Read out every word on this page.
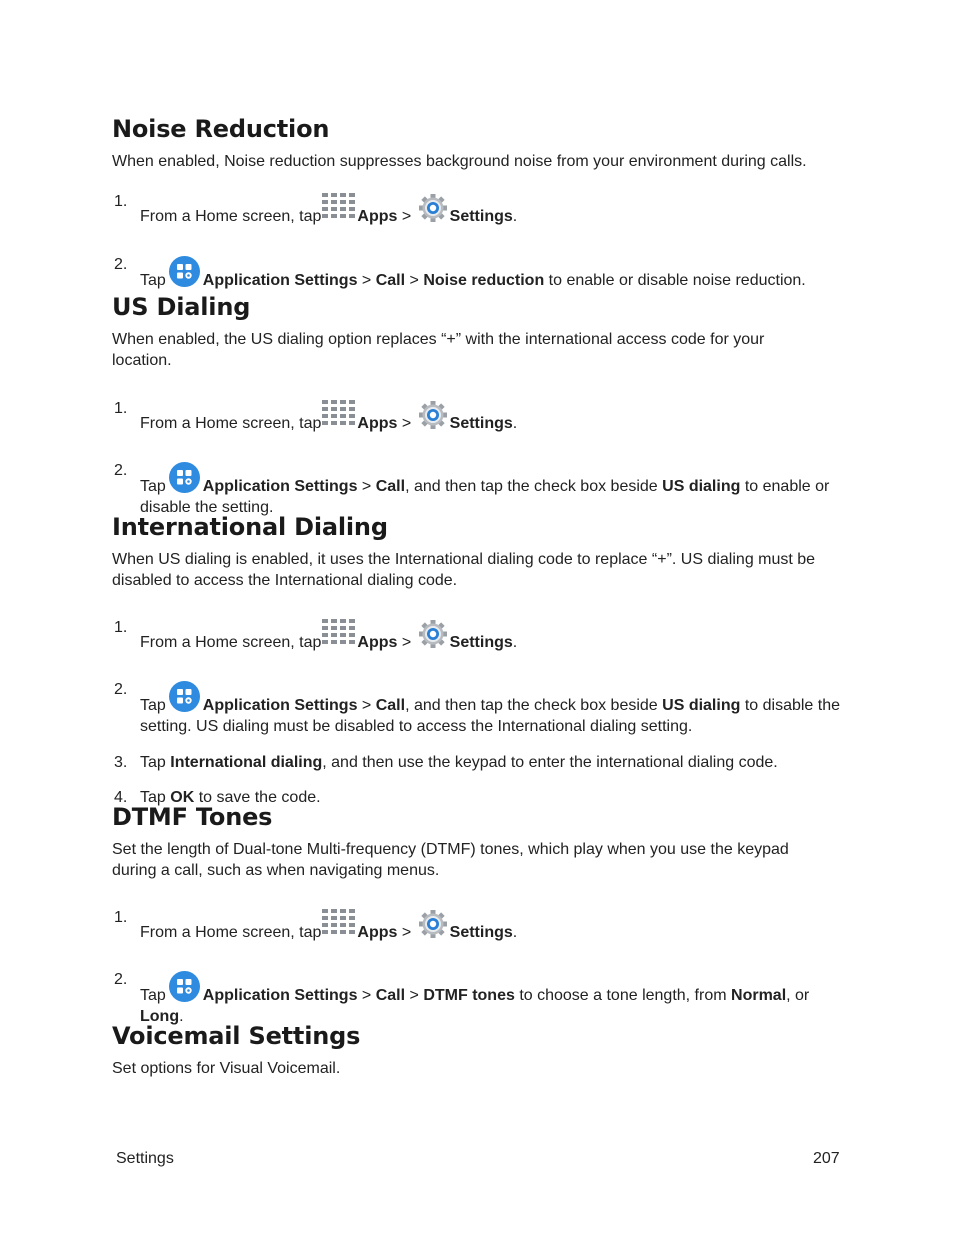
Noise Reduction

When enabled, Noise reduction suppresses background noise from your environment during calls.

1.
From a Home screen, tap Apps > Settings.
2.
Tap Application Settings > Call > Noise reduction to enable or disable noise reduction.
US Dialing

When enabled, the US dialing option replaces “+” with the international access code for your location.

1.
From a Home screen, tap Apps > Settings.
2.
Tap Application Settings > Call, and then tap the check box beside US dialing to enable or disable the setting.
International Dialing

When US dialing is enabled, it uses the International dialing code to replace “+”. US dialing must be disabled to access the International dialing code.

1.
From a Home screen, tap Apps > Settings.
2.
Tap Application Settings > Call, and then tap the check box beside US dialing to disable the setting. US dialing must be disabled to access the International dialing setting.
3. Tap International dialing, and then use the keypad to enter the international dialing code.
4. Tap OK to save the code.
DTMF Tones

Set the length of Dual-tone Multi-frequency (DTMF) tones, which play when you use the keypad during a call, such as when navigating menus.

1.
From a Home screen, tap Apps > Settings.
2.
Tap Application Settings > Call > DTMF tones to choose a tone length, from Normal, or Long.
Voicemail Settings

Set options for Visual Voicemail.

Settings	207
